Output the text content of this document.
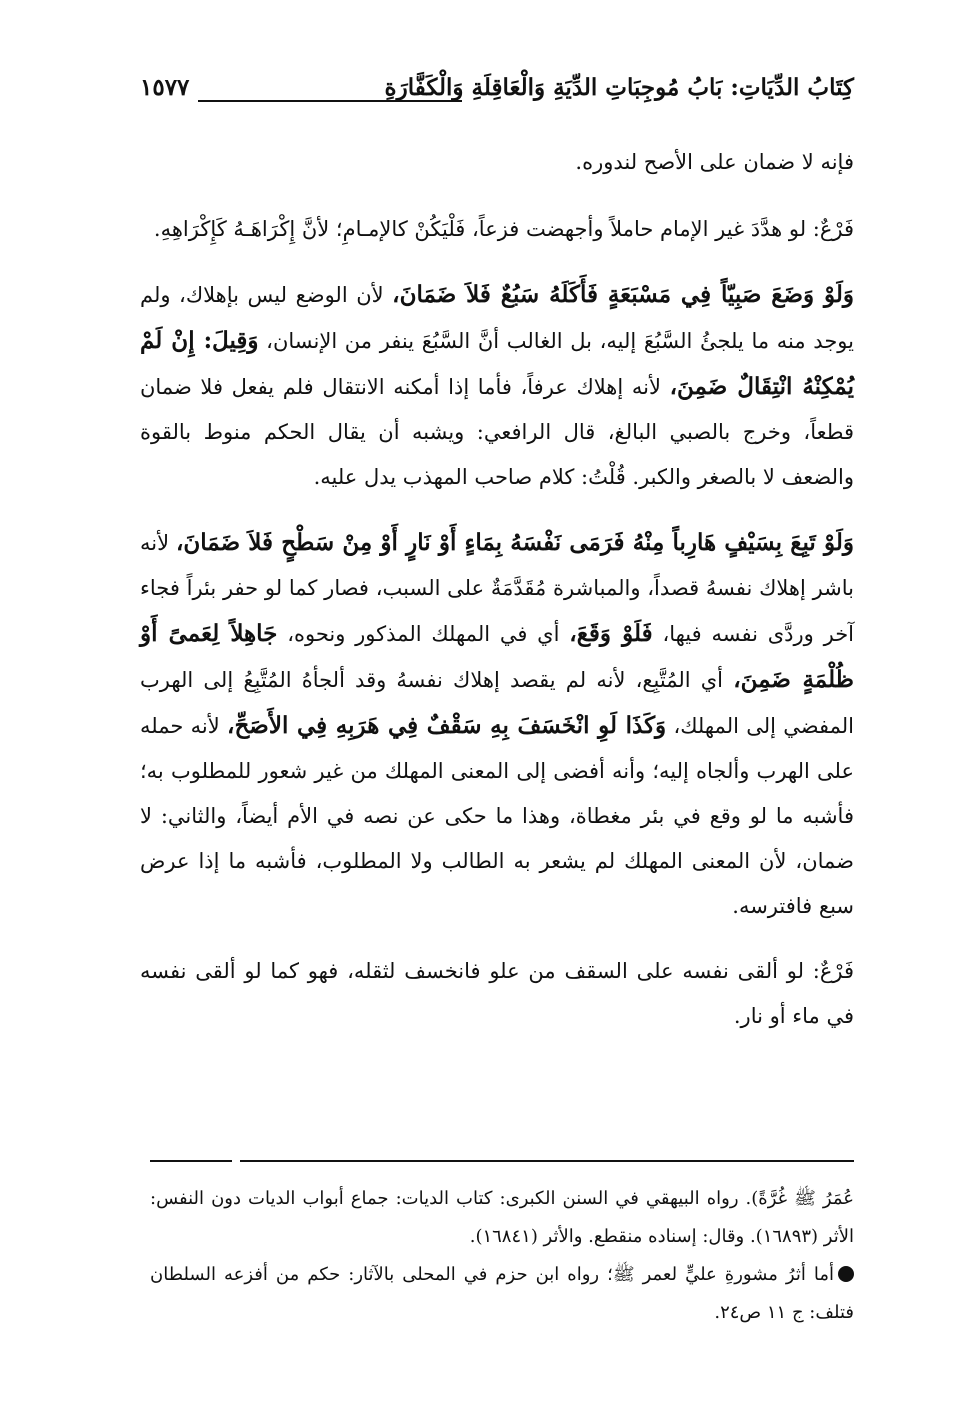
كِتَابُ الدِّيَاتِ: بَابُ مُوجِبَاتِ الدِّيَةِ وَالْعَاقِلَةِ وَالْكَفَّارَةِ
١٥٧٧

فإنه لا ضمان على الأصح لندوره.

فَرْعٌ: لو هدَّدَ غير الإمام حاملاً وأجهضت فزعاً، فَلْيَكُنْ كالإمـامِ؛ لأنَّ إِكْرَاهَـهُ كَإِكْرَاهِهِ.

وَلَوْ وَضَعَ صَبِيّاً فِي مَسْبَعَةٍ فَأَكَلَهُ سَبُعٌ فَلاَ ضَمَانَ، لأن الوضع ليس بإهلاك، ولم يوجد منه ما يلجئُ السَّبُعَ إليه، بل الغالب أنَّ السَّبُعَ ينفر من الإنسان، وَقِيلَ: إِنْ لَمْ يُمْكِنْهُ انْتِقَالٌ ضَمِنَ، لأنه إهلاك عرفاً، فأما إذا أمكنه الانتقال فلم يفعل فلا ضمان قطعاً، وخرج بالصبي البالغ، قال الرافعي: ويشبه أن يقال الحكم منوط بالقوة والضعف لا بالصغر والكبر. قُلْتُ: كلام صاحب المهذب يدل عليه.

وَلَوْ تَبِعَ بِسَيْفٍ هَارِباً مِنْهُ فَرَمَى نَفْسَهُ بِمَاءٍ أَوْ نَارٍ أَوْ مِنْ سَطْحٍ فَلاَ ضَمَانَ، لأنه باشر إهلاك نفسهُ قصداً، والمباشرة مُقَدَّمَةٌ على السبب، فصار كما لو حفر بئراً فجاء آخر وردَّى نفسه فيها، فَلَوْ وَقَعَ، أي في المهلك المذكور ونحوه، جَاهِلاً لِعَمىً أَوْ ظُلْمَةٍ ضَمِنَ، أي المُتَّبِع، لأنه لم يقصد إهلاك نفسهُ وقد ألجأهُ المُتَّبِعُ إلى الهرب المفضي إلى المهلك، وَكَذَا لَوِ انْخَسَفَ بِهِ سَقْفٌ فِي هَرَبِهِ فِي الأَصَحِّ، لأنه حمله على الهرب وألجاه إليه؛ وأنه أفضى إلى المعنى المهلك من غير شعور للمطلوب به؛ فأشبه ما لو وقع في بئر مغطاة، وهذا ما حكى عن نصه في الأم أيضاً، والثاني: لا ضمان، لأن المعنى المهلك لم يشعر به الطالب ولا المطلوب، فأشبه ما إذا عرض سبع فافترسه.

فَرْعٌ: لو ألقى نفسه على السقف من علو فانخسف لثقله، فهو كما لو ألقى نفسه في ماء أو نار.

عُمَرُ ﷺ غُرَّةً). رواه البيهقي في السنن الكبرى: كتاب الديات: جماع أبواب الديات دون النفس: الأثر (١٦٨٩٣). وقال: إسناده منقطع. والأثر (١٦٨٤١).

أما أثرُ مشورةِ عليٍّ لعمر ﷺ؛ رواه ابن حزم في المحلى بالآثار: حكم من أفزعه السلطان فتلف: ج ١١ ص٢٤.
